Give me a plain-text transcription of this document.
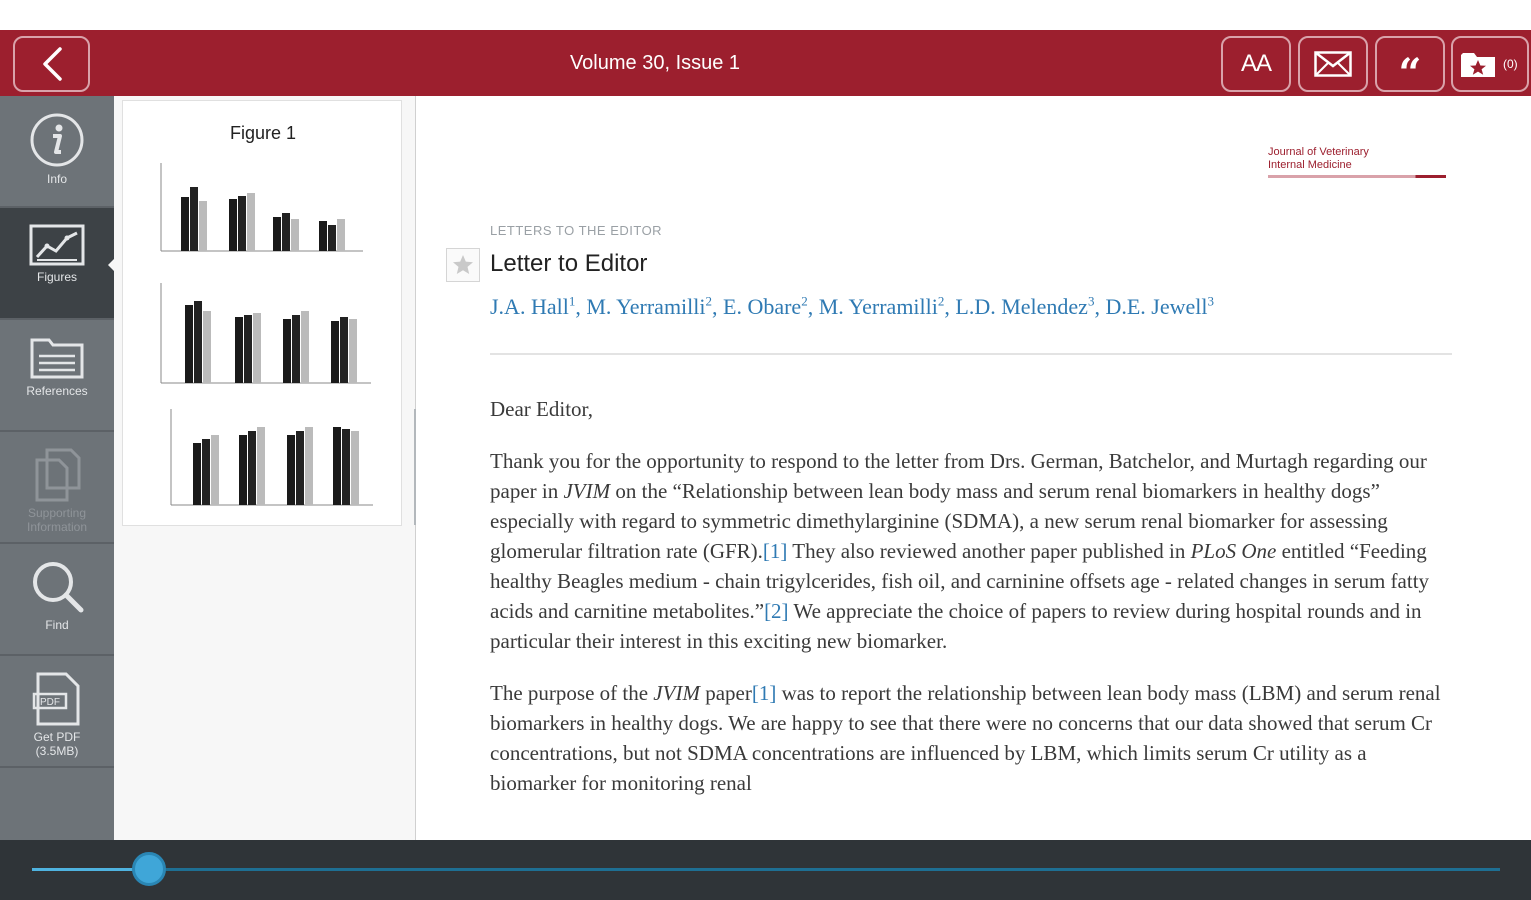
Volume 30, Issue 1	AA	“	(0)
Info
Figures
References
Supporting Information
Find
PDF
Get PDF (3.5MB)
Figure 1
Journal of Veterinary
Internal Medicine
LETTERS TO THE EDITOR
Letter to Editor
J.A. Hall$^1$, M. Yerramilli$^2$, E. Obare$^2$, M. Yerramilli$^2$, L.D. Melendez$^3$, D.E. Jewell$^3$

Dear Editor,

Thank you for the opportunity to respond to the letter from Drs. German, Batchelor, and Murtagh regarding our paper in JVIM on the “Relationship between lean body mass and serum renal biomarkers in healthy dogs” especially with regard to symmetric dimethylarginine (SDMA), a new serum renal biomarker for assessing glomerular filtration rate (GFR).[1] They also reviewed another paper published in PLoS One entitled “Feeding healthy Beagles medium - chain trigylcerides, fish oil, and carninine offsets age - related changes in serum fatty acids and carnitine metabolites.”[2] We appreciate the choice of papers to review during hospital rounds and in particular their interest in this exciting new biomarker.

The purpose of the JVIM paper[1] was to report the relationship between lean body mass (LBM) and serum renal biomarkers in healthy dogs. We are happy to see that there were no concerns that our data showed that serum Cr concentrations, but not SDMA concentrations are influenced by LBM, which limits serum Cr utility as a biomarker for monitoring renal
